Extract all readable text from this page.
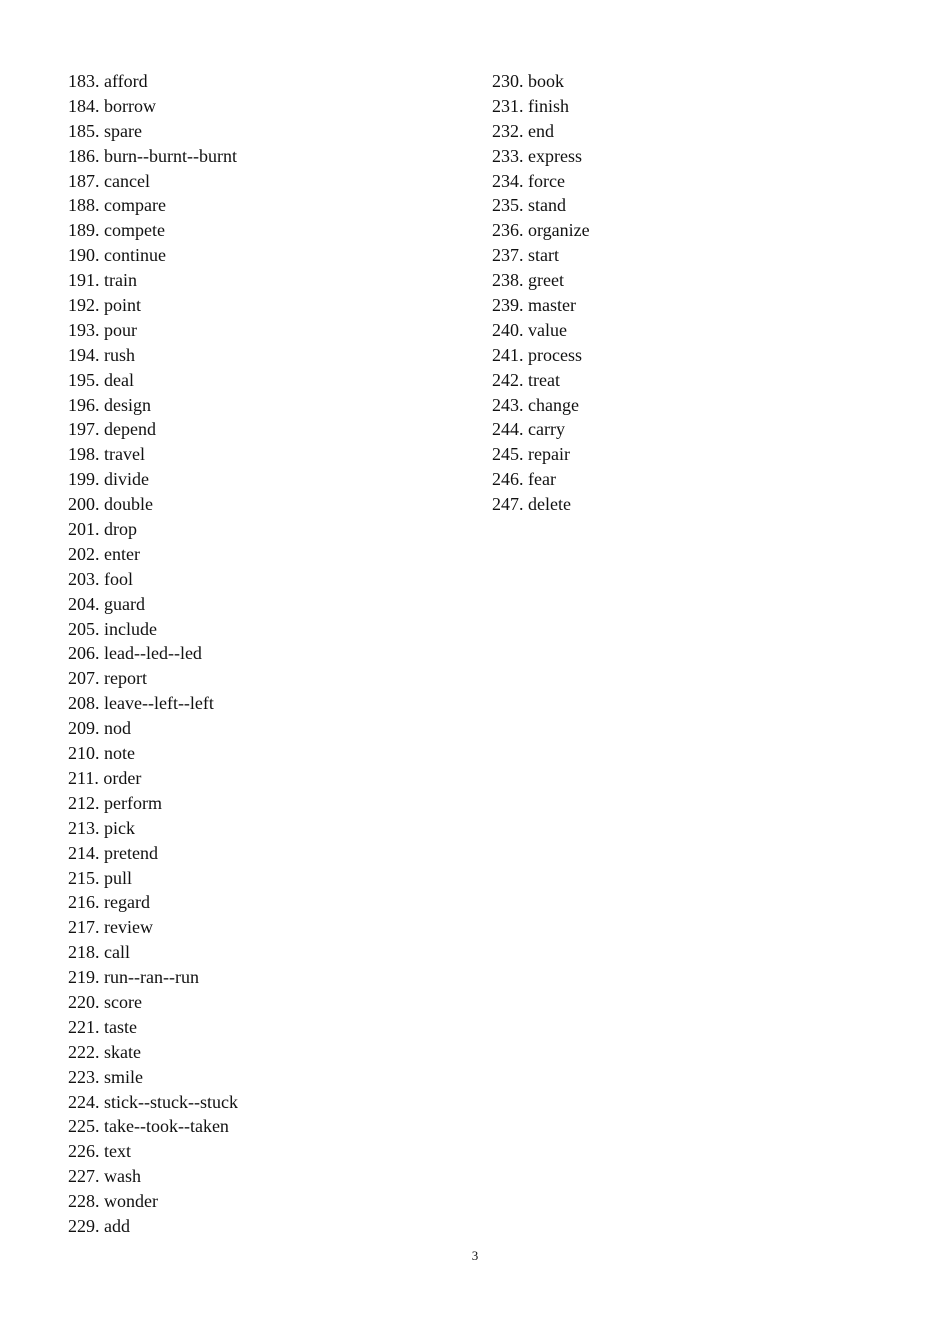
183. afford
184. borrow
185. spare
186. burn--burnt--burnt
187. cancel
188. compare
189. compete
190. continue
191. train
192. point
193. pour
194. rush
195. deal
196. design
197. depend
198. travel
199. divide
200. double
201. drop
202. enter
203. fool
204. guard
205. include
206. lead--led--led
207. report
208. leave--left--left
209. nod
210. note
211. order
212. perform
213. pick
214. pretend
215. pull
216. regard
217. review
218. call
219. run--ran--run
220. score
221. taste
222. skate
223. smile
224. stick--stuck--stuck
225. take--took--taken
226. text
227. wash
228. wonder
229. add
230. book
231. finish
232. end
233. express
234. force
235. stand
236. organize
237. start
238. greet
239. master
240. value
241. process
242. treat
243. change
244. carry
245. repair
246. fear
247. delete
3
